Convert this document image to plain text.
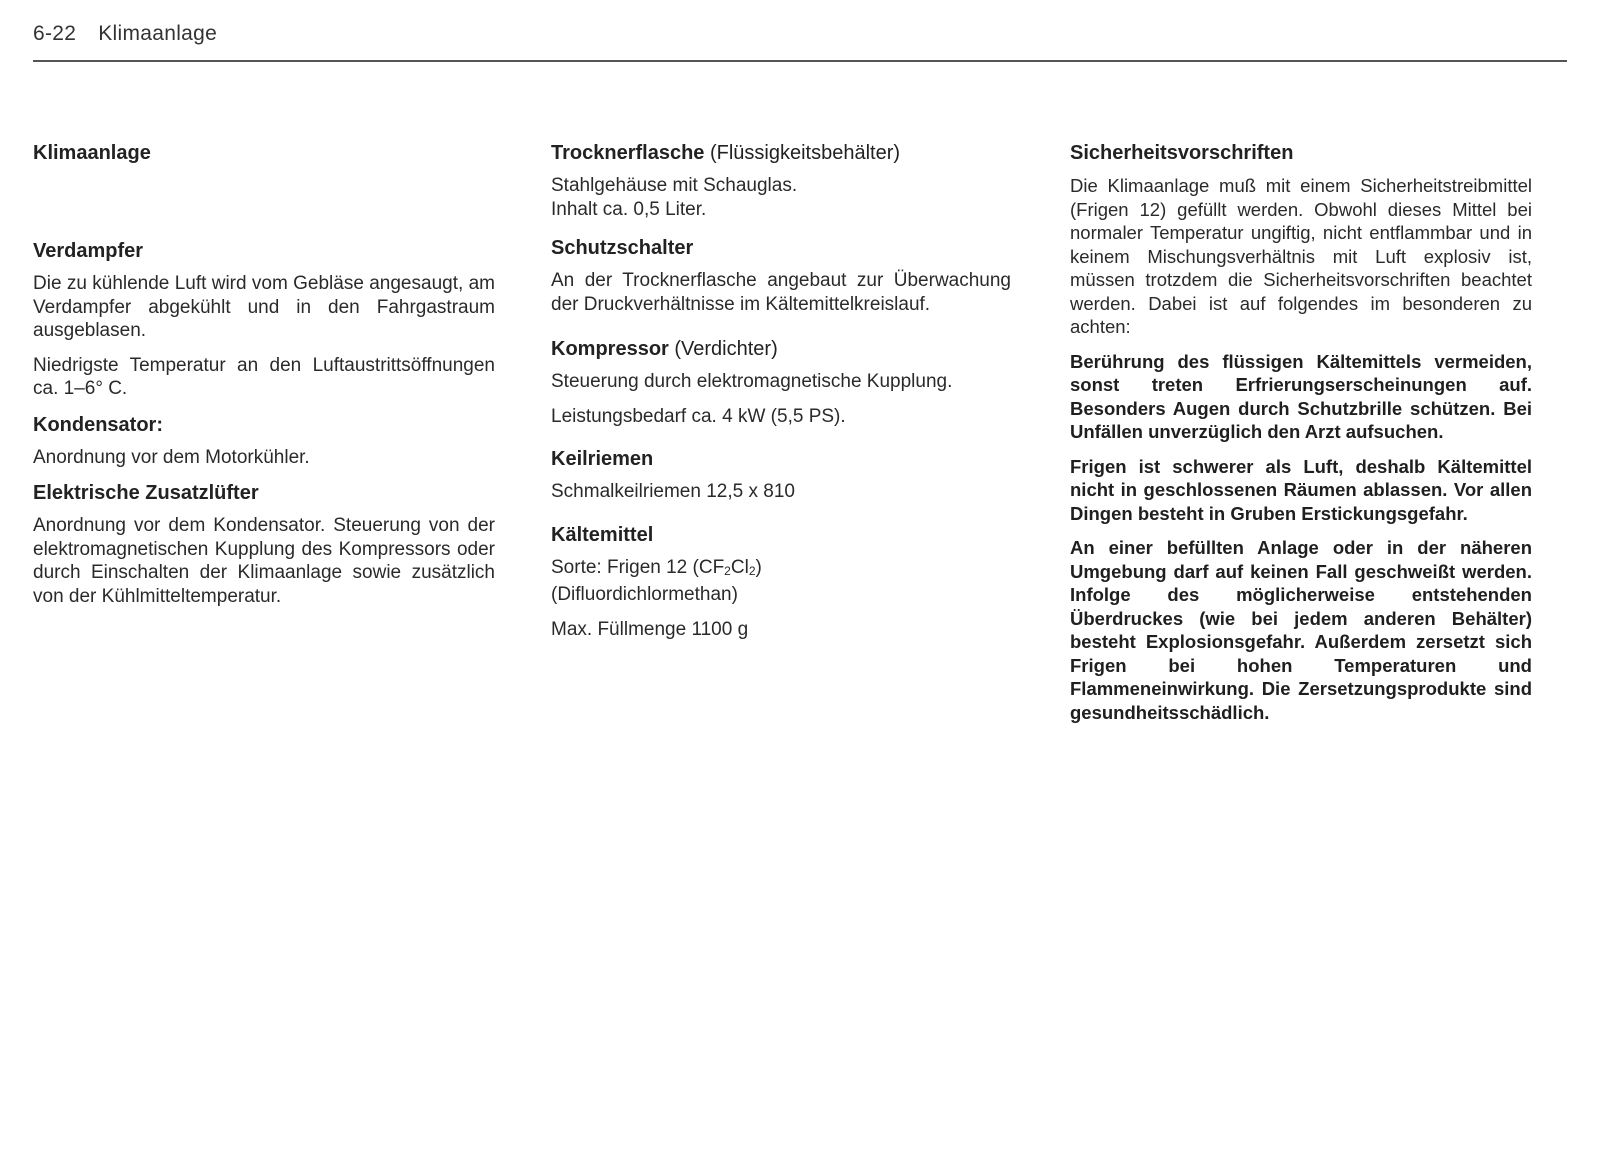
6-22 Klimaanlage
Klimaanlage
Verdampfer

Die zu kühlende Luft wird vom Gebläse angesaugt, am Verdampfer abgekühlt und in den Fahrgastraum ausgeblasen.

Niedrigste Temperatur an den Luftaustrittsöffnungen ca. 1–6° C.

Kondensator:

Anordnung vor dem Motorkühler.

Elektrische Zusatzlüfter

Anordnung vor dem Kondensator. Steuerung von der elektromagnetischen Kupplung des Kompressors oder durch Einschalten der Klimaanlage sowie zusätzlich von der Kühlmitteltemperatur.

Trocknerflasche (Flüssigkeitsbehälter)

Stahlgehäuse mit Schauglas.
Inhalt ca. 0,5 Liter.

Schutzschalter

An der Trocknerflasche angebaut zur Überwachung der Druckverhältnisse im Kältemittelkreislauf.

Kompressor (Verdichter)

Steuerung durch elektromagnetische Kupplung.

Leistungsbedarf ca. 4 kW (5,5 PS).

Keilriemen

Schmalkeilriemen 12,5 x 810

Kältemittel

Sorte: Frigen 12 $(CF_2Cl_2)$
(Difluordichlormethan)

Max. Füllmenge 1100 g

Sicherheitsvorschriften

Die Klimaanlage muß mit einem Sicherheitstreibmittel (Frigen 12) gefüllt werden. Obwohl dieses Mittel bei normaler Temperatur ungiftig, nicht entflammbar und in keinem Mischungsverhältnis mit Luft explosiv ist, müssen trotzdem die Sicherheitsvorschriften beachtet werden. Dabei ist auf folgendes im besonderen zu achten:

Berührung des flüssigen Kältemittels vermeiden, sonst treten Erfrierungserscheinungen auf. Besonders Augen durch Schutzbrille schützen. Bei Unfällen unverzüglich den Arzt aufsuchen.

Frigen ist schwerer als Luft, deshalb Kältemittel nicht in geschlossenen Räumen ablassen. Vor allen Dingen besteht in Gruben Erstickungsgefahr.

An einer befüllten Anlage oder in der näheren Umgebung darf auf keinen Fall geschweißt werden. Infolge des möglicherweise entstehenden Überdruckes (wie bei jedem anderen Behälter) besteht Explosionsgefahr. Außerdem zersetzt sich Frigen bei hohen Temperaturen und Flammeneinwirkung. Die Zersetzungsprodukte sind gesundheitsschädlich.
